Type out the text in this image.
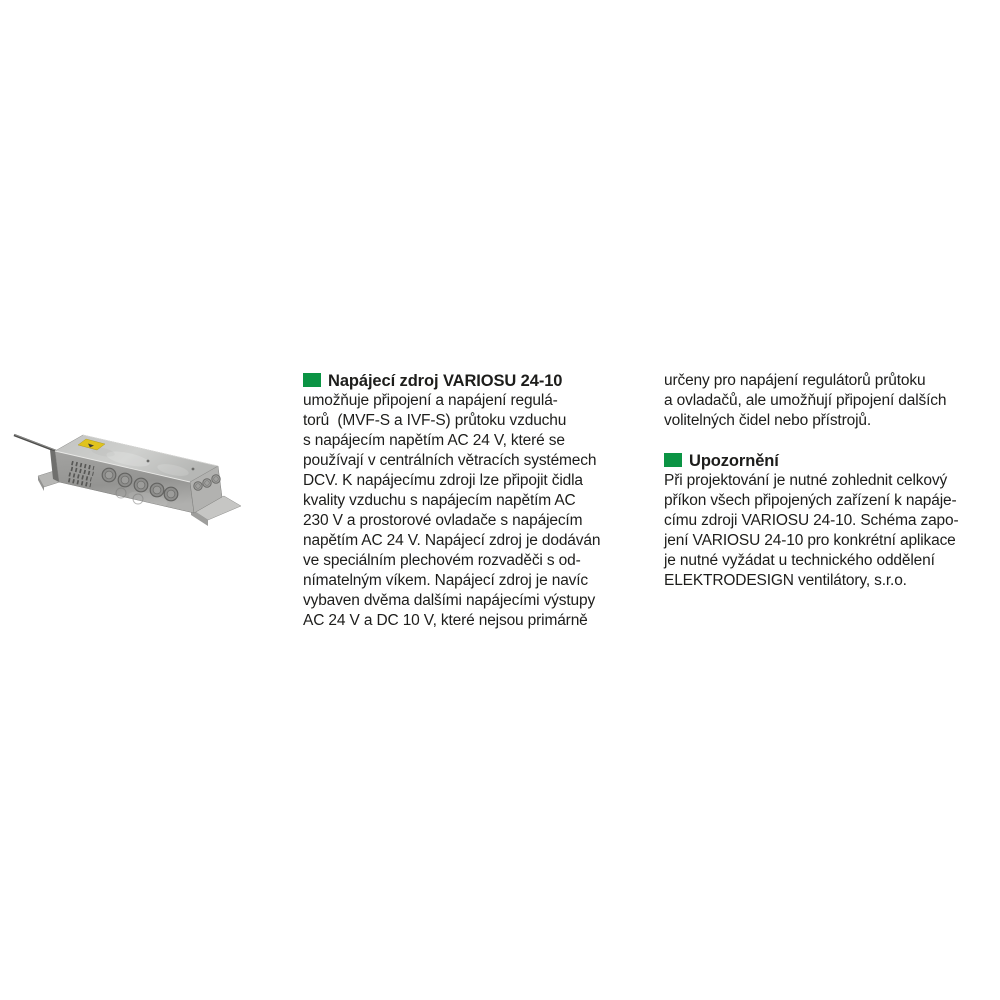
Napájecí zdroj VARIOSU 24-10
umožňuje připojení a napájení regulá-
torů  (MVF-S a IVF-S) průtoku vzduchu
s napájecím napětím AC 24 V, které se
používají v centrálních větracích systémech
DCV. K napájecímu zdroji lze připojit čidla
kvality vzduchu s napájecím napětím AC
230 V a prostorové ovladače s napájecím
napětím AC 24 V. Napájecí zdroj je dodáván
ve speciálním plechovém rozvaděči s od-
nímatelným víkem. Napájecí zdroj je navíc
vybaven dvěma dalšími napájecími výstupy
AC 24 V a DC 10 V, které nejsou primárně
určeny pro napájení regulátorů průtoku
a ovladačů, ale umožňují připojení dalších
volitelných čidel nebo přístrojů.
Upozornění
Při projektování je nutné zohlednit celkový
příkon všech připojených zařízení k napáje-
címu zdroji VARIOSU 24-10. Schéma zapo-
jení VARIOSU 24-10 pro konkrétní aplikace
je nutné vyžádat u technického oddělení
ELEKTRODESIGN ventilátory, s.r.o.
